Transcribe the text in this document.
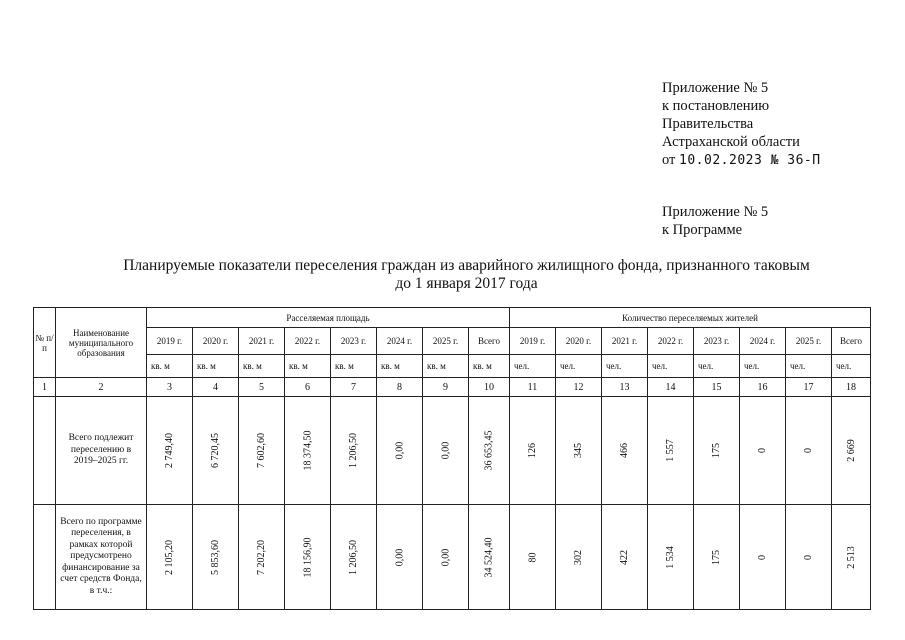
Приложение № 5
к постановлению
Правительства
Астраханской области
от 10.02.2023 № 36-П
Приложение № 5
к Программе
Планируемые показатели переселения граждан из аварийного жилищного фонда, признанного таковым
до 1 января 2017 года
№ п/п	Наименование муниципального образования	Расселяемая площадь								Количество переселяемых жителей							
		2019 г.	2020 г.	2021 г.	2022 г.	2023 г.	2024 г.	2025 г.	Всего	2019 г.	2020 г.	2021 г.	2022 г.	2023 г.	2024 г.	2025 г.	Всего
		кв. м	кв. м	кв. м	кв. м	кв. м	кв. м	кв. м	кв. м	чел.	чел.	чел.	чел.	чел.	чел.	чел.	чел.
1	2	3	4	5	6	7	8	9	10	11	12	13	14	15	16	17	18
	Всего подлежит переселению в 2019–2025 гг.	2 749,40	6 720,45	7 602,60	18 374,50	1 206,50	0,00	0,00	36 653,45	126	345	466	1 557	175	0	0	2 669
	Всего по программе переселения, в рамках которой предусмотрено финансирование за счет средств Фонда, в т.ч.:	2 105,20	5 853,60	7 202,20	18 156,90	1 206,50	0,00	0,00	34 524,40	80	302	422	1 534	175	0	0	2 513
